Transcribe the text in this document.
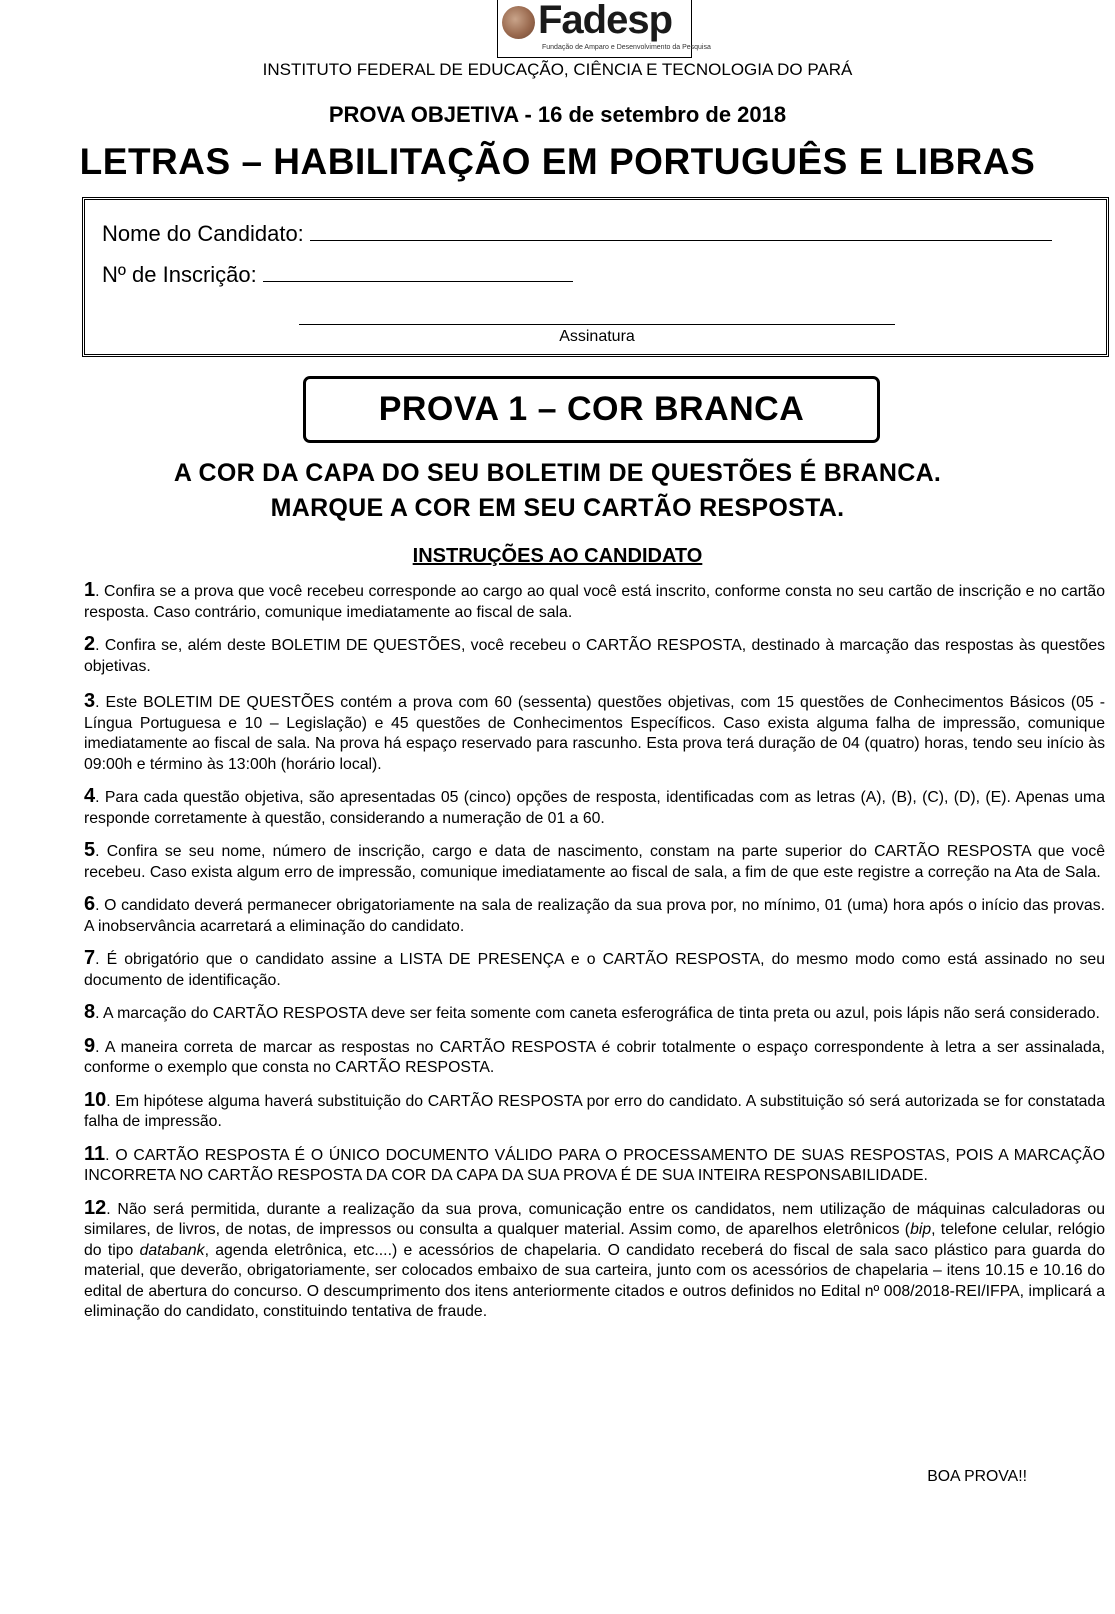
Fadesp
Fundação de Amparo e Desenvolvimento da Pesquisa
INSTITUTO FEDERAL DE EDUCAÇÃO, CIÊNCIA E TECNOLOGIA DO PARÁ
PROVA OBJETIVA - 16 de setembro de 2018
LETRAS – HABILITAÇÃO EM PORTUGUÊS E LIBRAS
Nome do Candidato:
Nº de Inscrição:
Assinatura
PROVA 1 – COR BRANCA
A COR DA CAPA DO SEU BOLETIM DE QUESTÕES É BRANCA.
MARQUE A COR EM SEU CARTÃO RESPOSTA.
INSTRUÇÕES AO CANDIDATO

1. Confira se a prova que você recebeu corresponde ao cargo ao qual você está inscrito, conforme consta no seu cartão de inscrição e no cartão resposta. Caso contrário, comunique imediatamente ao fiscal de sala.

2. Confira se, além deste BOLETIM DE QUESTÕES, você recebeu o CARTÃO RESPOSTA, destinado à marcação das respostas às questões objetivas.

3. Este BOLETIM DE QUESTÕES contém a prova com 60 (sessenta) questões objetivas, com 15 questões de Conhecimentos Básicos (05 - Língua Portuguesa e 10 – Legislação) e 45 questões de Conhecimentos Específicos. Caso exista alguma falha de impressão, comunique imediatamente ao fiscal de sala. Na prova há espaço reservado para rascunho. Esta prova terá duração de 04 (quatro) horas, tendo seu início às 09:00h e término às 13:00h (horário local).

4. Para cada questão objetiva, são apresentadas 05 (cinco) opções de resposta, identificadas com as letras (A), (B), (C), (D), (E). Apenas uma responde corretamente à questão, considerando a numeração de 01 a 60.

5. Confira se seu nome, número de inscrição, cargo e data de nascimento, constam na parte superior do CARTÃO RESPOSTA que você recebeu. Caso exista algum erro de impressão, comunique imediatamente ao fiscal de sala, a fim de que este registre a correção na Ata de Sala.

6. O candidato deverá permanecer obrigatoriamente na sala de realização da sua prova por, no mínimo, 01 (uma) hora após o início das provas. A inobservância acarretará a eliminação do candidato.

7. É obrigatório que o candidato assine a LISTA DE PRESENÇA e o CARTÃO RESPOSTA, do mesmo modo como está assinado no seu documento de identificação.

8. A marcação do CARTÃO RESPOSTA deve ser feita somente com caneta esferográfica de tinta preta ou azul, pois lápis não será considerado.

9. A maneira correta de marcar as respostas no CARTÃO RESPOSTA é cobrir totalmente o espaço correspondente à letra a ser assinalada, conforme o exemplo que consta no CARTÃO RESPOSTA.

10. Em hipótese alguma haverá substituição do CARTÃO RESPOSTA por erro do candidato. A substituição só será autorizada se for constatada falha de impressão.

11. O CARTÃO RESPOSTA É O ÚNICO DOCUMENTO VÁLIDO PARA O PROCESSAMENTO DE SUAS RESPOSTAS, POIS A MARCAÇÃO INCORRETA NO CARTÃO RESPOSTA DA COR DA CAPA DA SUA PROVA É DE SUA INTEIRA RESPONSABILIDADE.

12. Não será permitida, durante a realização da sua prova, comunicação entre os candidatos, nem utilização de máquinas calculadoras ou similares, de livros, de notas, de impressos ou consulta a qualquer material. Assim como, de aparelhos eletrônicos (bip, telefone celular, relógio do tipo databank, agenda eletrônica, etc....) e acessórios de chapelaria. O candidato receberá do fiscal de sala saco plástico para guarda do material, que deverão, obrigatoriamente, ser colocados embaixo de sua carteira, junto com os acessórios de chapelaria – itens 10.15 e 10.16 do edital de abertura do concurso. O descumprimento dos itens anteriormente citados e outros definidos no Edital nº 008/2018-REI/IFPA, implicará a eliminação do candidato, constituindo tentativa de fraude.

BOA PROVA!!
